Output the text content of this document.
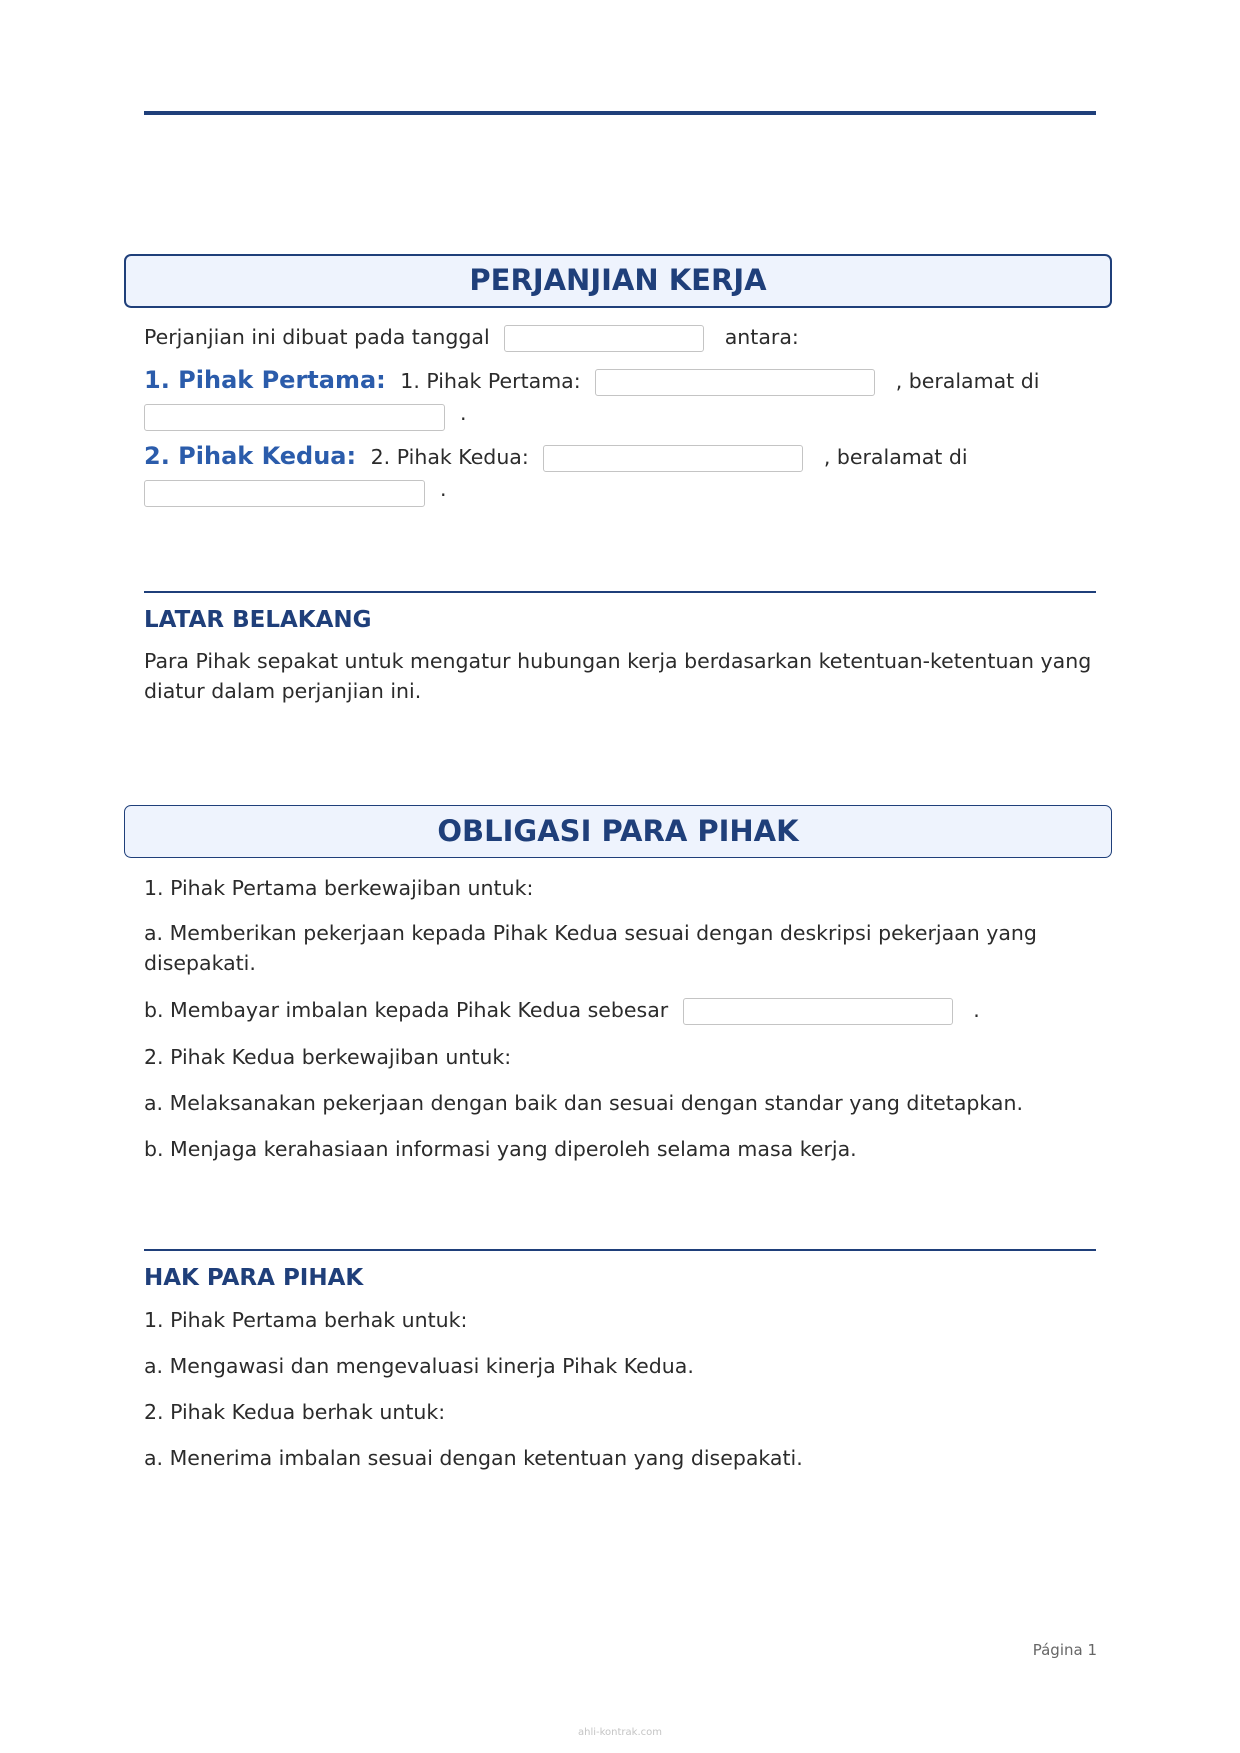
PERJANJIAN KERJA
Perjanjian ini dibuat pada tanggal	antara:
1. Pihak Pertama: 1. Pihak Pertama:	, beralamat di
.
2. Pihak Kedua: 2. Pihak Kedua:	, beralamat di
.
LATAR BELAKANG
Para Pihak sepakat untuk mengatur hubungan kerja berdasarkan ketentuan-ketentuan yang diatur dalam perjanjian ini.
OBLIGASI PARA PIHAK
1. Pihak Pertama berkewajiban untuk:
a. Memberikan pekerjaan kepada Pihak Kedua sesuai dengan deskripsi pekerjaan yang disepakati.
b. Membayar imbalan kepada Pihak Kedua sebesar	.
2. Pihak Kedua berkewajiban untuk:
a. Melaksanakan pekerjaan dengan baik dan sesuai dengan standar yang ditetapkan.
b. Menjaga kerahasiaan informasi yang diperoleh selama masa kerja.
HAK PARA PIHAK
1. Pihak Pertama berhak untuk:
a. Mengawasi dan mengevaluasi kinerja Pihak Kedua.
2. Pihak Kedua berhak untuk:
a. Menerima imbalan sesuai dengan ketentuan yang disepakati.
Página 1
ahli-kontrak.com
